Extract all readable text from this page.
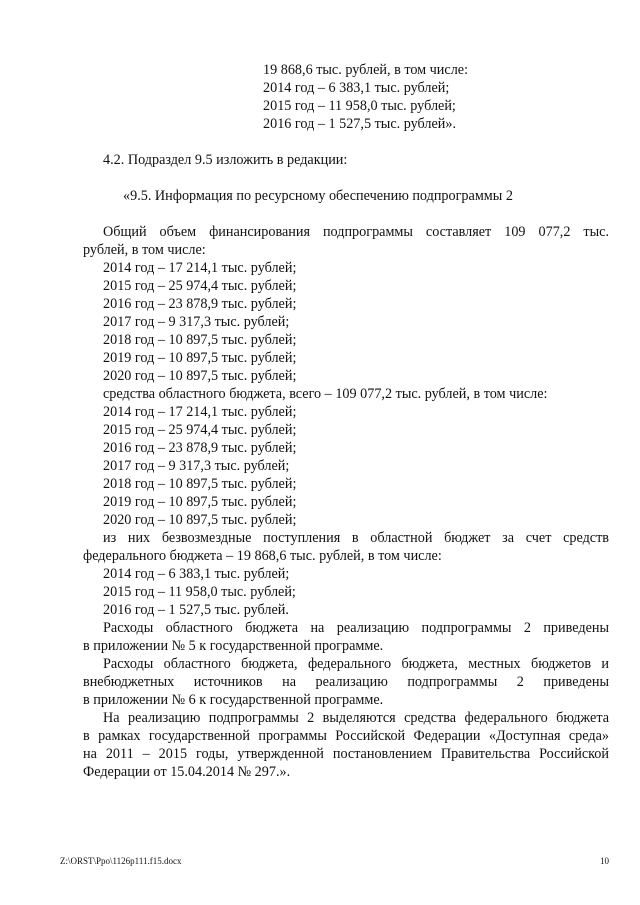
19 868,6 тыс. рублей, в том числе:
2014 год – 6 383,1 тыс. рублей;
2015 год – 11 958,0 тыс. рублей;
2016 год – 1 527,5 тыс. рублей».
4.2. Подраздел 9.5 изложить в редакции:
«9.5. Информация по ресурсному обеспечению подпрограммы 2
Общий объем финансирования подпрограммы составляет 109 077,2 тыс.
рублей, в том числе:
2014 год – 17 214,1 тыс. рублей;
2015 год – 25 974,4 тыс. рублей;
2016 год – 23 878,9 тыс. рублей;
2017 год – 9 317,3 тыс. рублей;
2018 год – 10 897,5 тыс. рублей;
2019 год – 10 897,5 тыс. рублей;
2020 год – 10 897,5 тыс. рублей;
средства областного бюджета, всего – 109 077,2 тыс. рублей, в том числе:
2014 год – 17 214,1 тыс. рублей;
2015 год – 25 974,4 тыс. рублей;
2016 год – 23 878,9 тыс. рублей;
2017 год – 9 317,3 тыс. рублей;
2018 год – 10 897,5 тыс. рублей;
2019 год – 10 897,5 тыс. рублей;
2020 год – 10 897,5 тыс. рублей;
из них безвозмездные поступления в областной бюджет за счет средств
федерального бюджета – 19 868,6 тыс. рублей, в том числе:
2014 год – 6 383,1 тыс. рублей;
2015 год – 11 958,0 тыс. рублей;
2016 год – 1 527,5 тыс. рублей.
Расходы областного бюджета на реализацию подпрограммы 2 приведены
в приложении № 5 к государственной программе.
Расходы областного бюджета, федерального бюджета, местных бюджетов и
внебюджетных источников на реализацию подпрограммы 2 приведены
в приложении № 6 к государственной программе.
На реализацию подпрограммы 2 выделяются средства федерального бюджета
в рамках государственной программы Российской Федерации «Доступная среда»
на 2011 – 2015 годы, утвержденной постановлением Правительства Российской
Федерации от 15.04.2014 № 297.».
Z:\ORST\Ppo\1126p111.f15.docx	10
